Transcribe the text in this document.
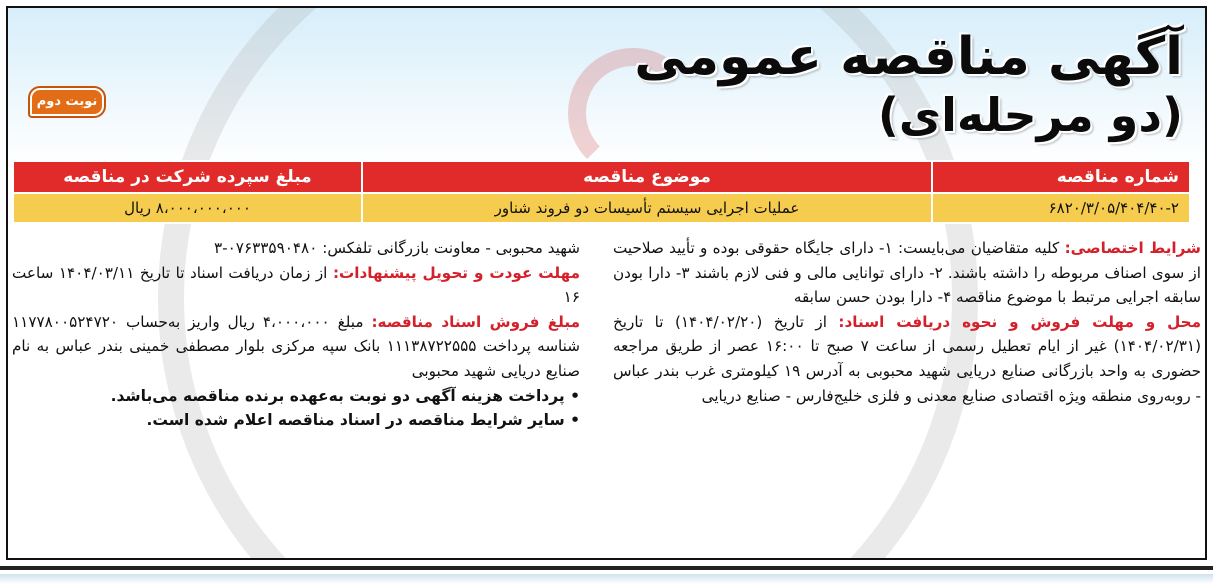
آگهی مناقصه عمومی
(دو مرحله‌ای)
نوبت دوم
شماره مناقصه	موضوع مناقصه	مبلغ سپرده شرکت در مناقصه
۶۸۲۰/۳/۰۵/۴۰۴/۴۰-۲	عملیات اجرایی سیستم تأسیسات دو فروند شناور	۸،۰۰۰،۰۰۰،۰۰۰ ریال
شرایط اختصاصی: کلیه متقاضیان می‌بایست: ۱- دارای جایگاه حقوقی بوده و تأیید صلاحیت از سوی اصناف مربوطه را داشته باشند. ۲- دارای توانایی مالی و فنی لازم باشند ۳- دارا بودن سابقه اجرایی مرتبط با موضوع مناقصه ۴- دارا بودن حسن سابقه
محل و مهلت فروش و نحوه دریافت اسناد: از تاریخ (۱۴۰۴/۰۲/۲۰) تا تاریخ (۱۴۰۴/۰۲/۳۱) غیر از ایام تعطیل رسمی از ساعت ۷ صبح تا ۱۶:۰۰ عصر از طریق مراجعه حضوری به واحد بازرگانی صنایع دریایی شهید محبوبی به آدرس ۱۹ کیلومتری غرب بندر عباس - روبه‌روی منطقه ویژه اقتصادی صنایع معدنی و فلزی خلیج‌فارس - صنایع دریایی
شهید محبوبی - معاونت بازرگانی تلفکس: ۰۷۶۳۳۵۹۰۴۸۰-۳
مهلت عودت و تحویل پیشنهادات: از زمان دریافت اسناد تا تاریخ ۱۴۰۴/۰۳/۱۱ ساعت ۱۶
مبلغ فروش اسناد مناقصه: مبلغ ۴،۰۰۰،۰۰۰ ریال واریز به‌حساب ۱۱۷۷۸۰۰۵۲۴۷۲۰ شناسه پرداخت ۱۱۱۳۸۷۲۲۵۵۵ بانک سپه مرکزی بلوار مصطفی خمینی بندر عباس به نام صنایع دریایی شهید محبوبی
• پرداخت هزینه آگهی دو نوبت به‌عهده برنده مناقصه می‌باشد.
• سایر شرایط مناقصه در اسناد مناقصه اعلام شده است.
